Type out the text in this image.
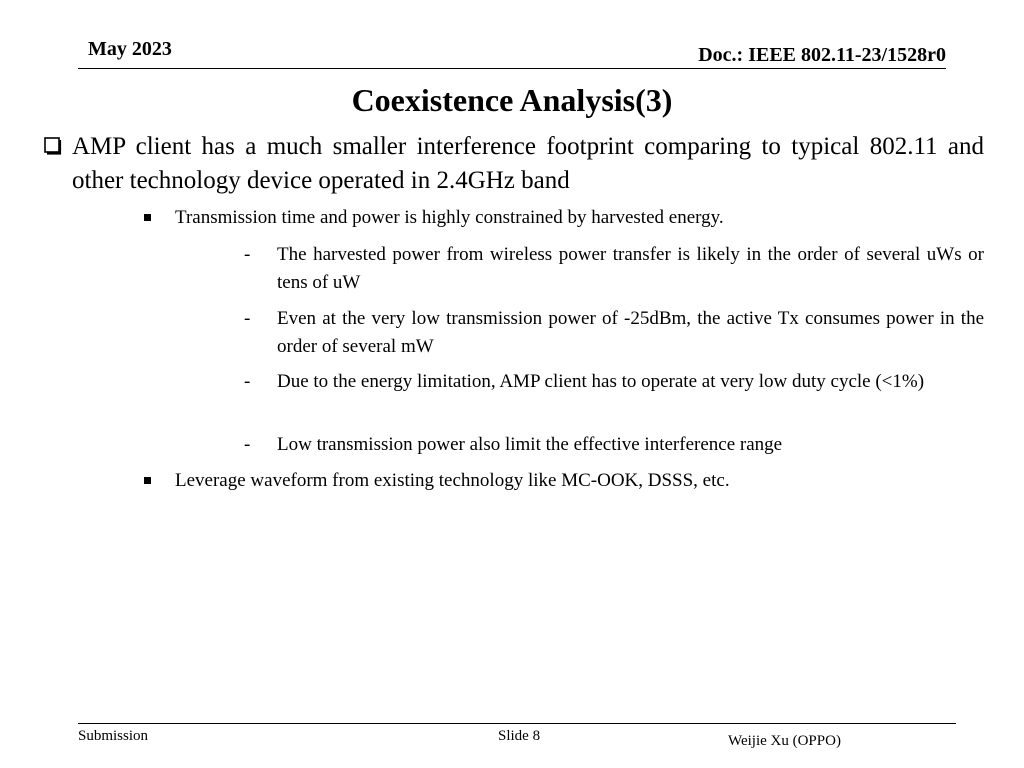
May 2023	Doc.: IEEE 802.11-23/1528r0
Coexistence Analysis(3)
AMP client has a much smaller interference footprint comparing to typical 802.11 and other technology device operated in 2.4GHz band
Transmission time and power is highly constrained by harvested energy.
- The harvested power from wireless power transfer is likely in the order of several uWs or tens of uW
- Even at the very low transmission power of -25dBm, the active Tx consumes power in the order of several mW
- Due to the energy limitation, AMP client has to operate at very low duty cycle (<1%)
- Low transmission power also limit the effective interference range
Leverage waveform from existing technology like MC-OOK, DSSS, etc.
Submission	Slide 8	Weijie Xu (OPPO)
